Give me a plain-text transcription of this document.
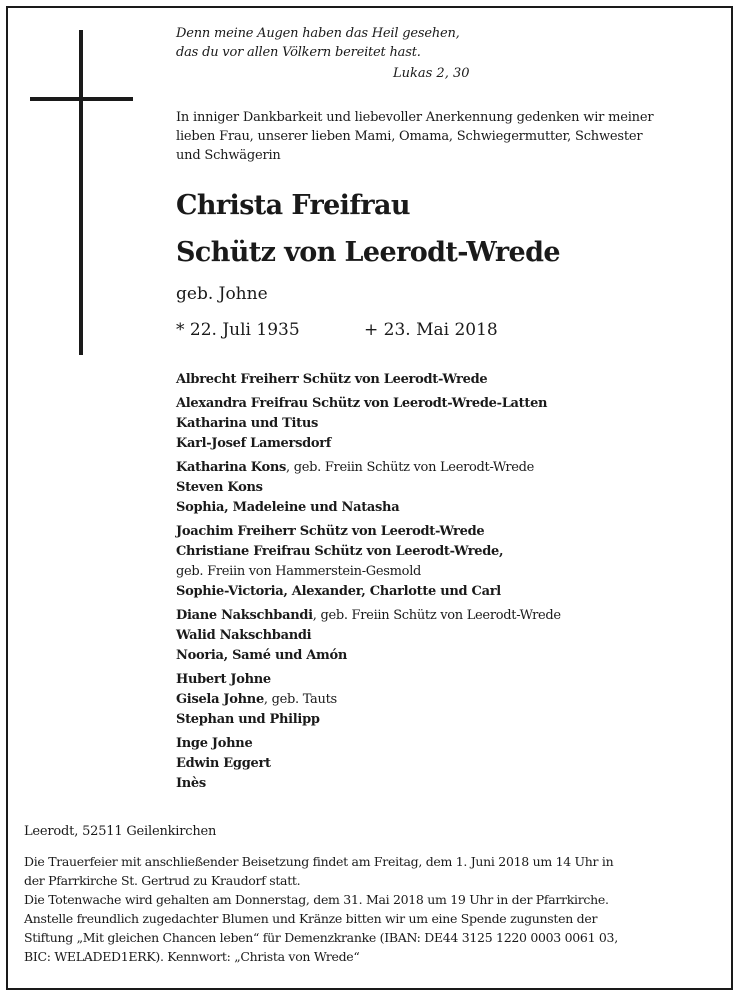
Denn meine Augen haben das Heil gesehen,
das du vor allen Völkern bereitet hast.
Lukas 2, 30
In inniger Dankbarkeit und liebevoller Anerkennung gedenken wir meiner
lieben Frau, unserer lieben Mami, Omama, Schwiegermutter, Schwester
und Schwägerin
Christa Freifrau
Schütz von Leerodt-Wrede
geb. Johne
* 22. Juli 1935	+ 23. Mai 2018
Albrecht Freiherr Schütz von Leerodt-Wrede
Alexandra Freifrau Schütz von Leerodt-Wrede-Latten
Katharina und Titus
Karl-Josef Lamersdorf
Katharina Kons, geb. Freiin Schütz von Leerodt-Wrede
Steven Kons
Sophia, Madeleine und Natasha
Joachim Freiherr Schütz von Leerodt-Wrede
Christiane Freifrau Schütz von Leerodt-Wrede,
geb. Freiin von Hammerstein-Gesmold
Sophie-Victoria, Alexander, Charlotte und Carl
Diane Nakschbandi, geb. Freiin Schütz von Leerodt-Wrede
Walid Nakschbandi
Nooria, Samé und Amón
Hubert Johne
Gisela Johne, geb. Tauts
Stephan und Philipp
Inge Johne
Edwin Eggert
Inès
Leerodt, 52511 Geilenkirchen
Die Trauerfeier mit anschließender Beisetzung findet am Freitag, dem 1. Juni 2018 um 14 Uhr in
der Pfarrkirche St. Gertrud zu Kraudorf statt.
Die Totenwache wird gehalten am Donnerstag, dem 31. Mai 2018 um 19 Uhr in der Pfarrkirche.
Anstelle freundlich zugedachter Blumen und Kränze bitten wir um eine Spende zugunsten der
Stiftung „Mit gleichen Chancen leben“ für Demenzkranke (IBAN: DE44 3125 1220 0003 0061 03,
BIC: WELADED1ERK). Kennwort: „Christa von Wrede“
